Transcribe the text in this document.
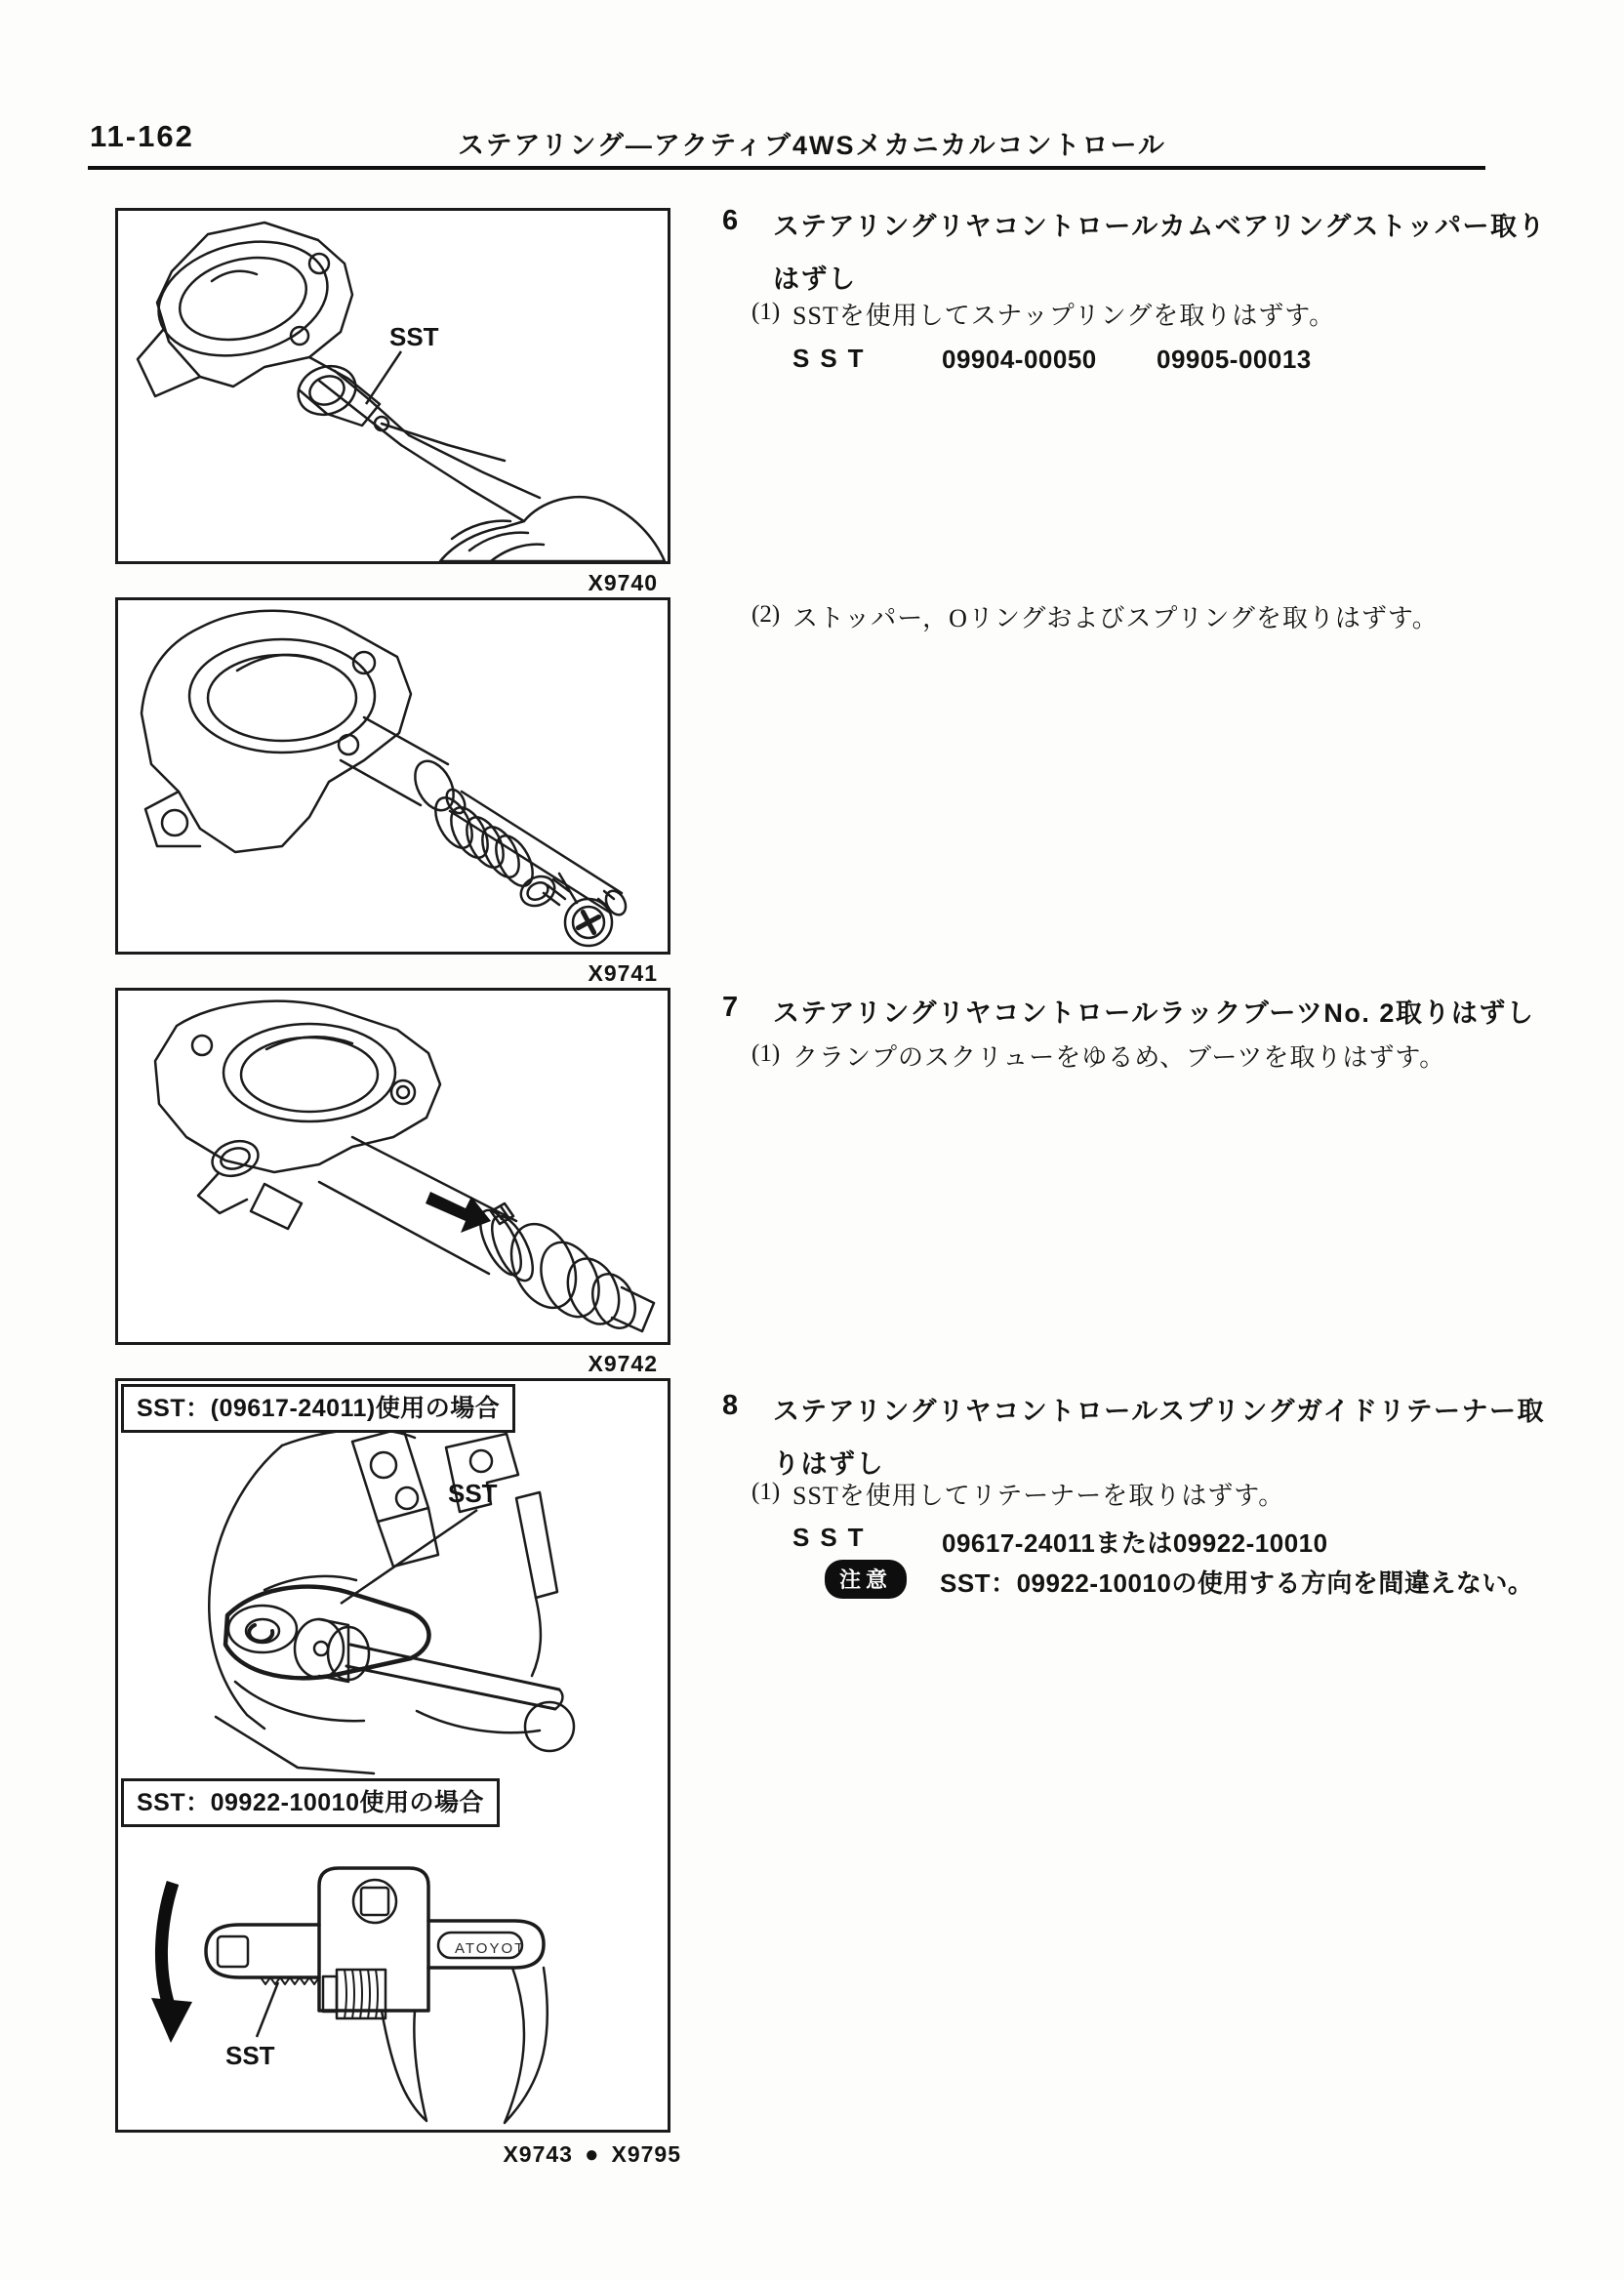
11-162	ステアリング—アクティブ4WSメカニカルコントロール
SST
X9740
X9741
X9742
SST
SST
ATOYOT
SST：(09617-24011)使用の場合
SST：09922-10010使用の場合
X9743 ● X9795
6 ステアリングリヤコントロールカムベアリングストッパー取り
はずし
(1) SSTを使用してスナップリングを取りはずす。
SST	09904-00050 09905-00013
(2) ストッパー，Oリングおよびスプリングを取りはずす。
7 ステアリングリヤコントロールラックブーツNo. 2取りはずし
(1) クランプのスクリューをゆるめ、ブーツを取りはずす。
8 ステアリングリヤコントロールスプリングガイドリテーナー取
りはずし
(1) SSTを使用してリテーナーを取りはずす。
SST	09617-24011または09922-10010
注意	SST：09922-10010の使用する方向を間違えない。
